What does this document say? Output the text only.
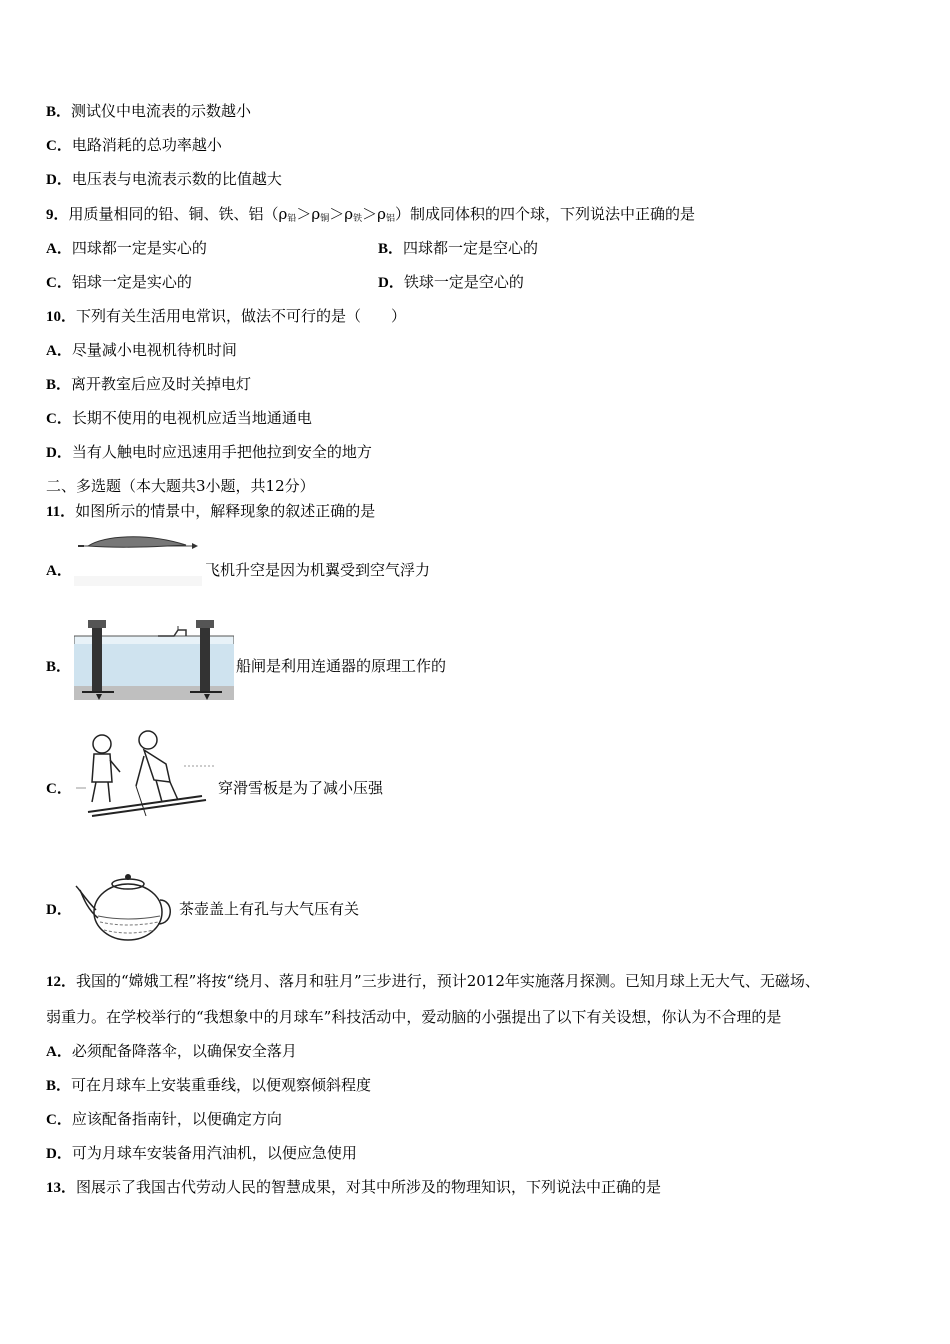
B．测试仪中电流表的示数越小
C．电路消耗的总功率越小
D．电压表与电流表示数的比值越大
9．用质量相同的铅、铜、铁、铝$(\rho_铅>\rho_铜>\rho_铁>\rho_铝)$制成同体积的四个球，下列说法中正确的是
A．四球都一定是实心的	B．四球都一定是空心的
C．铝球一定是实心的	D．铁球一定是空心的
10．下列有关生活用电常识，做法不可行的是（　　）
A．尽量减小电视机待机时间
B．离开教室后应及时关掉电灯
C．长期不使用的电视机应适当地通通电
D．当有人触电时应迅速用手把他拉到安全的地方
二、多选题（本大题共3小题，共12分）
11．如图所示的情景中，解释现象的叙述正确的是
A．	飞机升空是因为机翼受到空气浮力
B．	船闸是利用连通器的原理工作的
C．	穿滑雪板是为了减小压强
D．	茶壶盖上有孔与大气压有关
12．我国的“嫦娥工程”将按“绕月、落月和驻月”三步进行，预计2012年实施落月探测。已知月球上无大气、无磁场、
弱重力。在学校举行的“我想象中的月球车”科技活动中，爱动脑的小强提出了以下有关设想，你认为不合理的是
A．必须配备降落伞，以确保安全落月
B．可在月球车上安装重垂线，以便观察倾斜程度
C．应该配备指南针，以便确定方向
D．可为月球车安装备用汽油机，以便应急使用
13．图展示了我国古代劳动人民的智慧成果，对其中所涉及的物理知识，下列说法中正确的是
